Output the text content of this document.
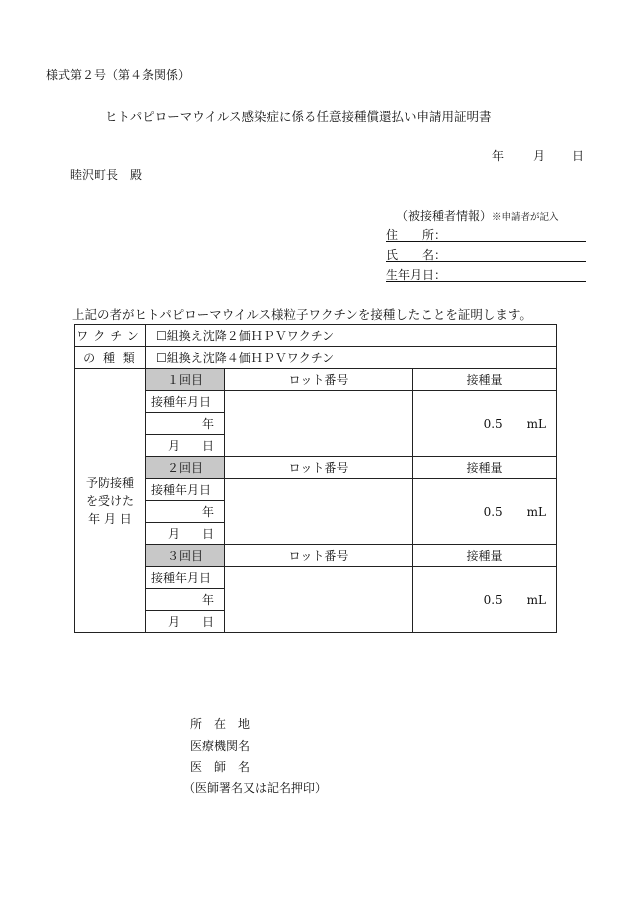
様式第２号（第４条関係）
ヒトパピローマウイルス感染症に係る任意接種償還払い申請用証明書
年 月 日
睦沢町長　殿
（被接種者情報）※申請者が記入
住　　所：
氏　　名：
生年月日：
上記の者がヒトパピローマウイルス様粒子ワクチンを接種したことを証明します。
ワクチン	☐組換え沈降２価ＨＰＶワクチン		
の 種 類	☐組換え沈降４価ＨＰＶワクチン		

予防接種
を受けた
年 月 日	１回目	ロット番号	接種量
	接種年月日		0.5　　mL
	年		
	月 日		

	２回目	ロット番号	接種量
	接種年月日		0.5　　mL
	年		
	月 日		

	３回目	ロット番号	接種量
	接種年月日		0.5　　mL
	年		
	月 日		
所　在　地
医療機関名
医　師　名
（医師署名又は記名押印）
